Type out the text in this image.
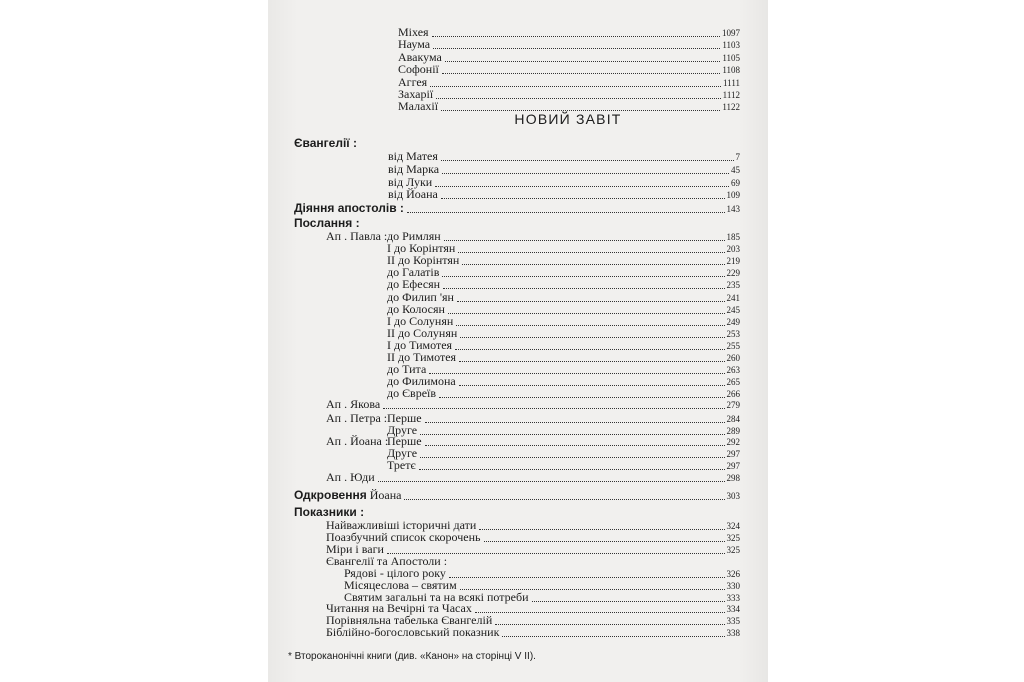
Міхея	1097
Наума	1103
Авакума	1105
Софонії	1108
Аггея	1111
Захарії	1112
Малахії	1122
НОВИЙ ЗАВІТ
Євангелії :
від Матея	7
від Марка	45
від Луки	69
від Йоана	109
Діяння апостолів :	143
Послання :
Ап . Павла : до Римлян	185
І до Корінтян	203
ІІ до Корінтян	219
до Галатів	229
до Ефесян	235
до Филип 'ян	241
до Колосян	245
І до Солунян	249
ІІ до Солунян	253
І до Тимотея	255
ІІ до Тимотея	260
до Тита	263
до Филимона	265
до Євреїв	266
Ап . Якова	279
Ап . Петра : Перше	284
Друге	289
Ап . Йоана :
Перше	292
Друге	297
Третє	297
Ап . Юди	298
Одкровення Йоана	303
Показники :
Найважливіші історичні дати	324
Поазбучний список скорочень	325
Міри і ваги	325
Євангелії та Апостоли :
Рядові - цілого року	326
Місяцеслова – святим	330
Святим загальні та на всякі потреби	333
Читання на Вечірні та Часах	334
Порівняльна табелька Євангелій	335
Біблійно-богословський показник	338
* Второканонічні книги (див. «Канон» на сторінці V ІІ).
